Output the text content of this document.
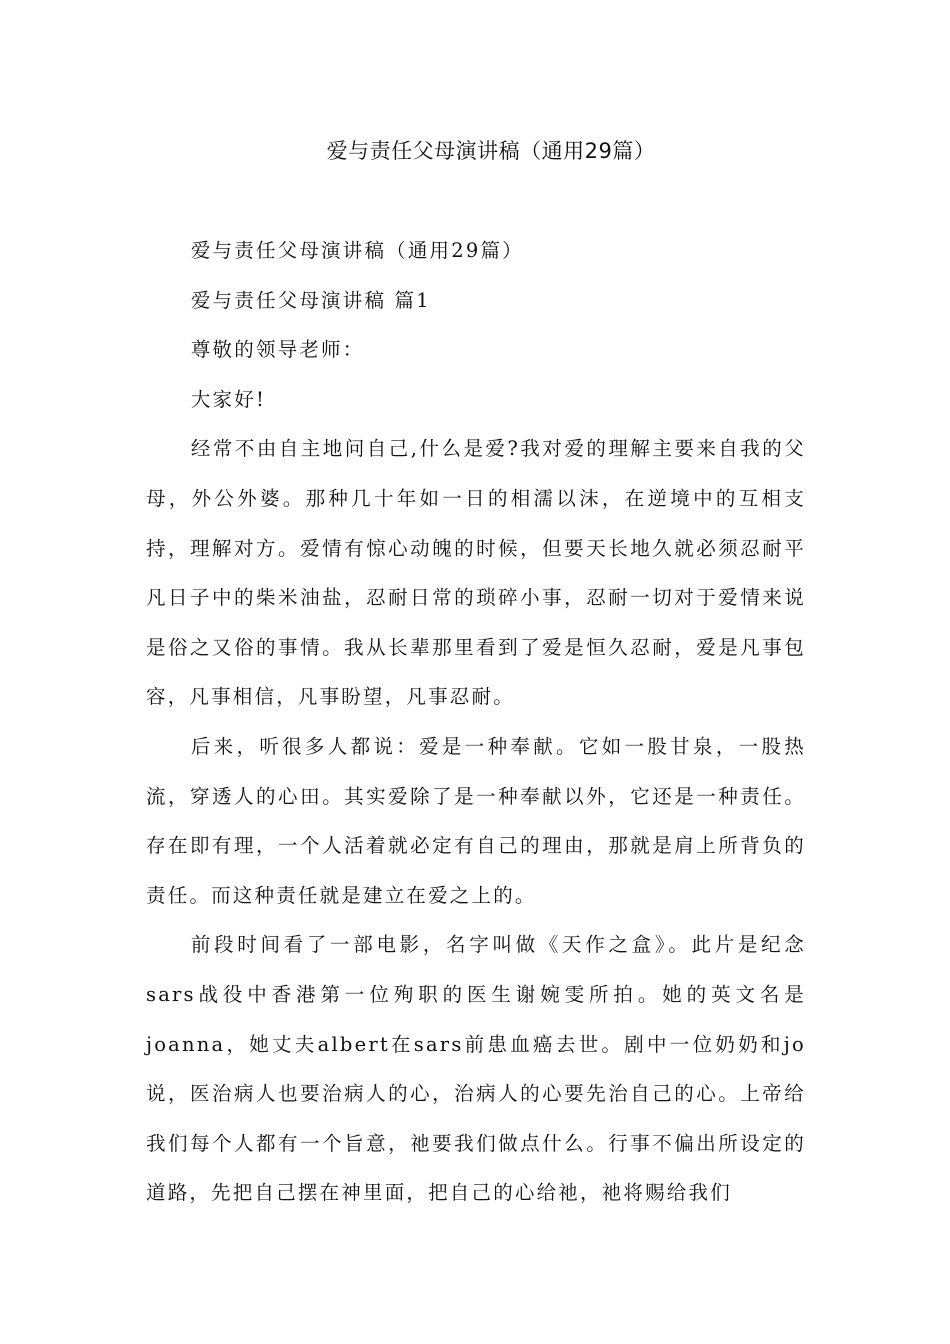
爱与责任父母演讲稿（通用29篇）

爱与责任父母演讲稿（通用29篇）

爱与责任父母演讲稿 篇1

尊敬的领导老师：

大家好!

经常不由自主地问自己,什么是爱?我对爱的理解主要来自我的父母，外公外婆。那种几十年如一日的相濡以沫，在逆境中的互相支持，理解对方。爱情有惊心动魄的时候，但要天长地久就必须忍耐平凡日子中的柴米油盐，忍耐日常的琐碎小事，忍耐一切对于爱情来说是俗之又俗的事情。我从长辈那里看到了爱是恒久忍耐，爱是凡事包容，凡事相信，凡事盼望，凡事忍耐。

后来，听很多人都说：爱是一种奉献。它如一股甘泉，一股热流，穿透人的心田。其实爱除了是一种奉献以外，它还是一种责任。存在即有理，一个人活着就必定有自己的理由，那就是肩上所背负的责任。而这种责任就是建立在爱之上的。

前段时间看了一部电影，名字叫做《天作之盒》。此片是纪念sars战役中香港第一位殉职的医生谢婉雯所拍。她的英文名是joanna，她丈夫albert在sars前患血癌去世。剧中一位奶奶和jo说，医治病人也要治病人的心，治病人的心要先治自己的心。上帝给我们每个人都有一个旨意，祂要我们做点什么。行事不偏出所设定的道路，先把自己摆在神里面，把自己的心给祂，祂将赐给我们
